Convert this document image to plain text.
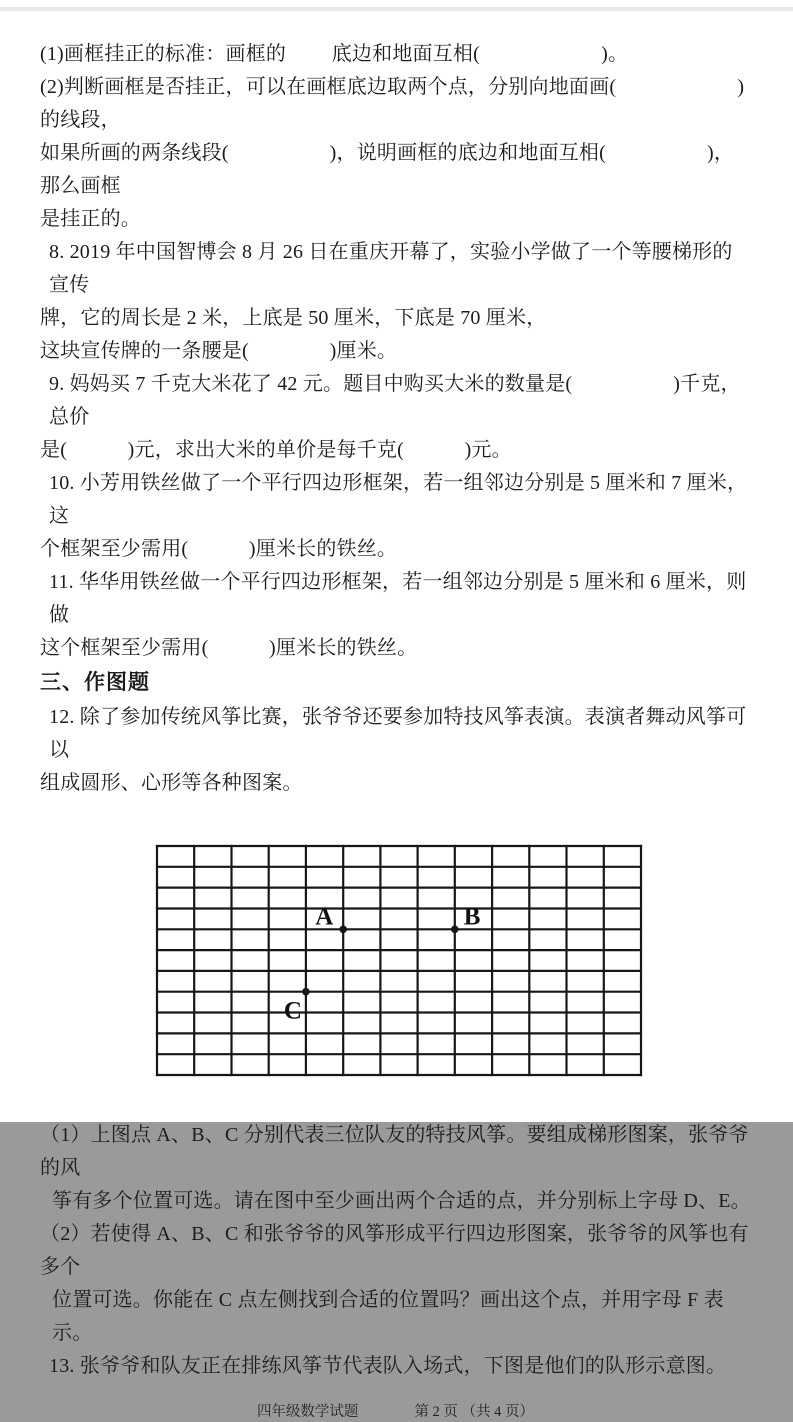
(1)画框挂正的标准：画框的　　 底边和地面互相(　　　　　　)。

(2)判断画框是否挂正，可以在画框底边取两个点，分别向地面画(　　　　　　)的线段，

如果所画的两条线段(　　　　　)，说明画框的底边和地面互相(　　　　　)，那么画框

是挂正的。

8. 2019 年中国智博会 8 月 26 日在重庆开幕了，实验小学做了一个等腰梯形的宣传

牌，它的周长是 2 米，上底是 50 厘米，下底是 70 厘米，

这块宣传牌的一条腰是(　　　　)厘米。

9. 妈妈买 7 千克大米花了 42 元。题目中购买大米的数量是(　　　　　)千克，总价

是(　　　)元，求出大米的单价是每千克(　　　)元。

10. 小芳用铁丝做了一个平行四边形框架，若一组邻边分别是 5 厘米和 7 厘米，这

个框架至少需用(　　　)厘米长的铁丝。

11. 华华用铁丝做一个平行四边形框架，若一组邻边分别是 5 厘米和 6 厘米，则做

这个框架至少需用(　　　)厘米长的铁丝。

三、作图题

12. 除了参加传统风筝比赛，张爷爷还要参加特技风筝表演。表演者舞动风筝可以

组成圆形、心形等各种图案。

A	B
C

（1）上图点 A、B、C 分别代表三位队友的特技风筝。要组成梯形图案，张爷爷的风

筝有多个位置可选。请在图中至少画出两个合适的点，并分别标上字母 D、E。

（2）若使得 A、B、C 和张爷爷的风筝形成平行四边形图案，张爷爷的风筝也有多个

位置可选。你能在 C 点左侧找到合适的位置吗？画出这个点，并用字母 F 表示。

13. 张爷爷和队友正在排练风筝节代表队入场式，下图是他们的队形示意图。

四年级数学试题	第 2 页 （共 4 页）
